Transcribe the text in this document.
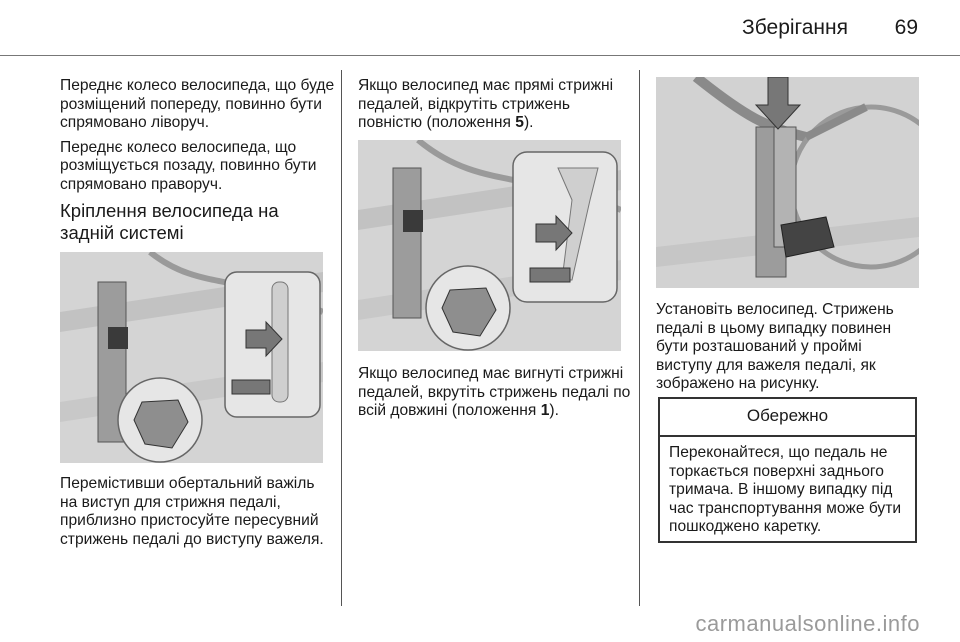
Зберігання 69

Переднє колесо велосипеда, що буде розміщений попереду, повинно бути спрямовано ліворуч.

Переднє колесо велосипеда, що розміщується позаду, повинно бути спрямовано праворуч.

Кріплення велосипеда на задній системі

Перемістивши обертальний важіль на виступ для стрижня педалі, приблизно пристосуйте пересувний стрижень педалі до виступу важеля.

Якщо велосипед має прямі стрижні педалей, відкрутіть стрижень повністю (положення 5).

Якщо велосипед має вигнуті стрижні педалей, вкрутіть стрижень педалі по всій довжині (положення 1).

Установіть велосипед. Стрижень педалі в цьому випадку повинен бути розташований у проймі виступу для важеля педалі, як зображено на рисунку.

Обережно
Переконайтеся, що педаль не торкається поверхні заднього тримача. В іншому випадку під час транспортування може бути пошкоджено каретку.
carmanualsonline.info
